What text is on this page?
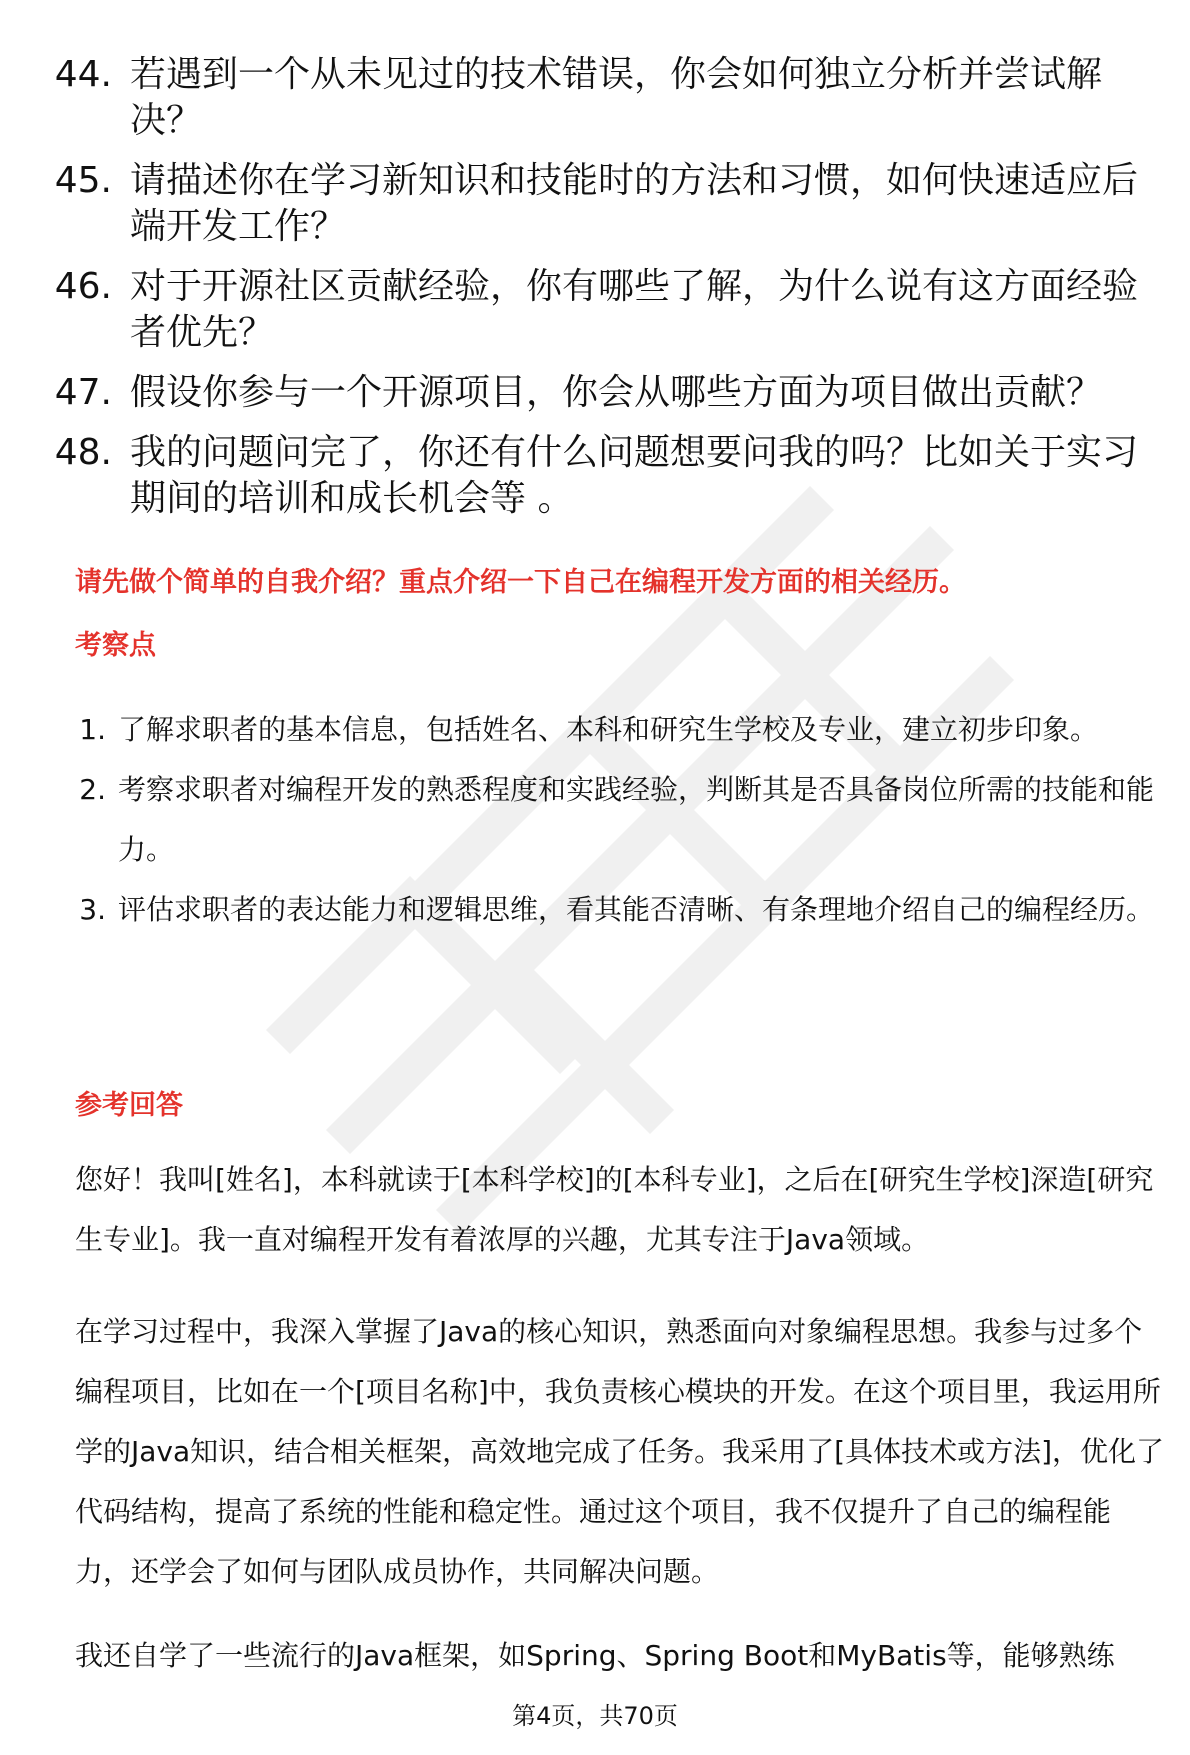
44. 若遇到一个从未见过的技术错误，你会如何独立分析并尝试解决？
45. 请描述你在学习新知识和技能时的方法和习惯，如何快速适应后端开发工作？
46. 对于开源社区贡献经验，你有哪些了解，为什么说有这方面经验者优先？
47. 假设你参与一个开源项目，你会从哪些方面为项目做出贡献？
48. 我的问题问完了，你还有什么问题想要问我的吗？比如关于实习期间的培训和成长机会等 。
请先做个简单的自我介绍？重点介绍一下自己在编程开发方面的相关经历。
考察点
1. 了解求职者的基本信息，包括姓名、本科和研究生学校及专业，建立初步印象。
2. 考察求职者对编程开发的熟悉程度和实践经验，判断其是否具备岗位所需的技能和能力。
3. 评估求职者的表达能力和逻辑思维，看其能否清晰、有条理地介绍自己的编程经历。
参考回答

您好！我叫[姓名]，本科就读于[本科学校]的[本科专业]，之后在[研究生学校]深造[研究生专业]。我一直对编程开发有着浓厚的兴趣，尤其专注于Java领域。

在学习过程中，我深入掌握了Java的核心知识，熟悉面向对象编程思想。我参与过多个编程项目，比如在一个[项目名称]中，我负责核心模块的开发。在这个项目里，我运用所学的Java知识，结合相关框架，高效地完成了任务。我采用了[具体技术或方法]，优化了代码结构，提高了系统的性能和稳定性。通过这个项目，我不仅提升了自己的编程能力，还学会了如何与团队成员协作，共同解决问题。

我还自学了一些流行的Java框架，如Spring、Spring Boot和MyBatis等，能够熟练

第4页，共70页
